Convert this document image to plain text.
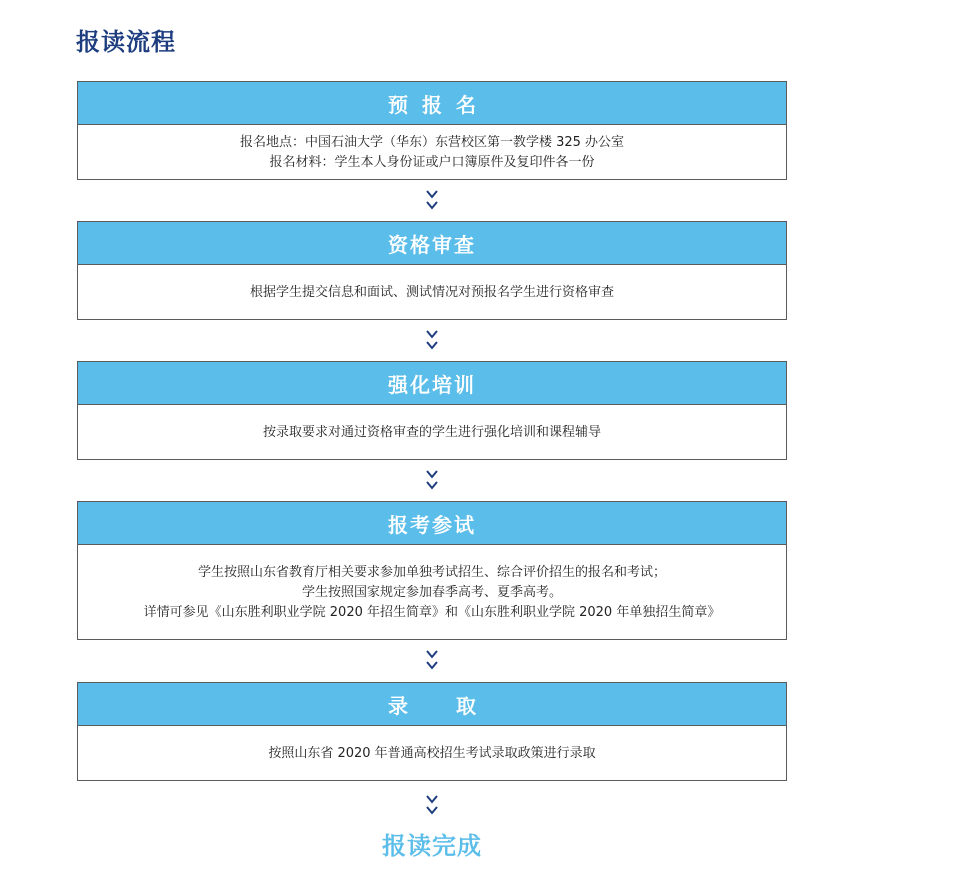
报读流程
预报名
报名地点：中国石油大学（华东）东营校区第一教学楼 325 办公室
报名材料：学生本人身份证或户口簿原件及复印件各一份
资格审查
根据学生提交信息和面试、测试情况对预报名学生进行资格审查
强化培训
按录取要求对通过资格审查的学生进行强化培训和课程辅导
报考参试
学生按照山东省教育厅相关要求参加单独考试招生、综合评价招生的报名和考试；
学生按照国家规定参加春季高考、夏季高考。
详情可参见《山东胜利职业学院 2020 年招生简章》和《山东胜利职业学院 2020 年单独招生简章》
录取
按照山东省 2020 年普通高校招生考试录取政策进行录取
报读完成
